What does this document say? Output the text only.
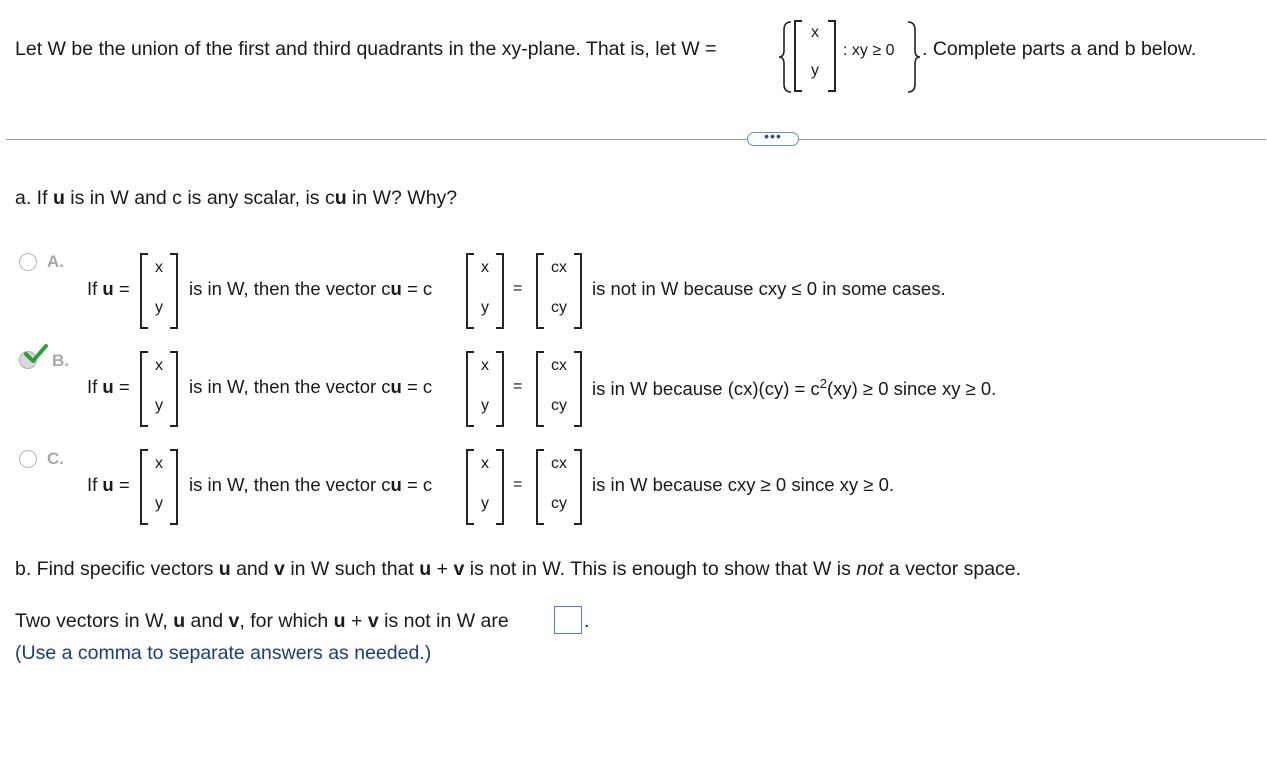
Let W be the union of the first and third quadrants in the xy-plane. That is, let W =
x
y
: xy ≥ 0 . Complete parts a and b below.
•••
a. If u is in W and c is any scalar, is cu in W? Why?
A.
If u =
x
y
is in W, then the vector cu = c
x
y
=
cx
cy
is not in W because cxy ≤ 0 in some cases.
B.
If u =
x
y
is in W, then the vector cu = c
x
y
=
cx
cy
is in W because $(cx)(cy) = c^2(xy) \ge 0$ since xy ≥ 0.
C.
If u =
x
y
is in W, then the vector cu = c
x
y
=
cx
cy
is in W because cxy ≥ 0 since xy ≥ 0.
b. Find specific vectors u and v in W such that u + v is not in W. This is enough to show that W is not a vector space.
Two vectors in W, u and v, for which u + v is not in W are	.
(Use a comma to separate answers as needed.)
